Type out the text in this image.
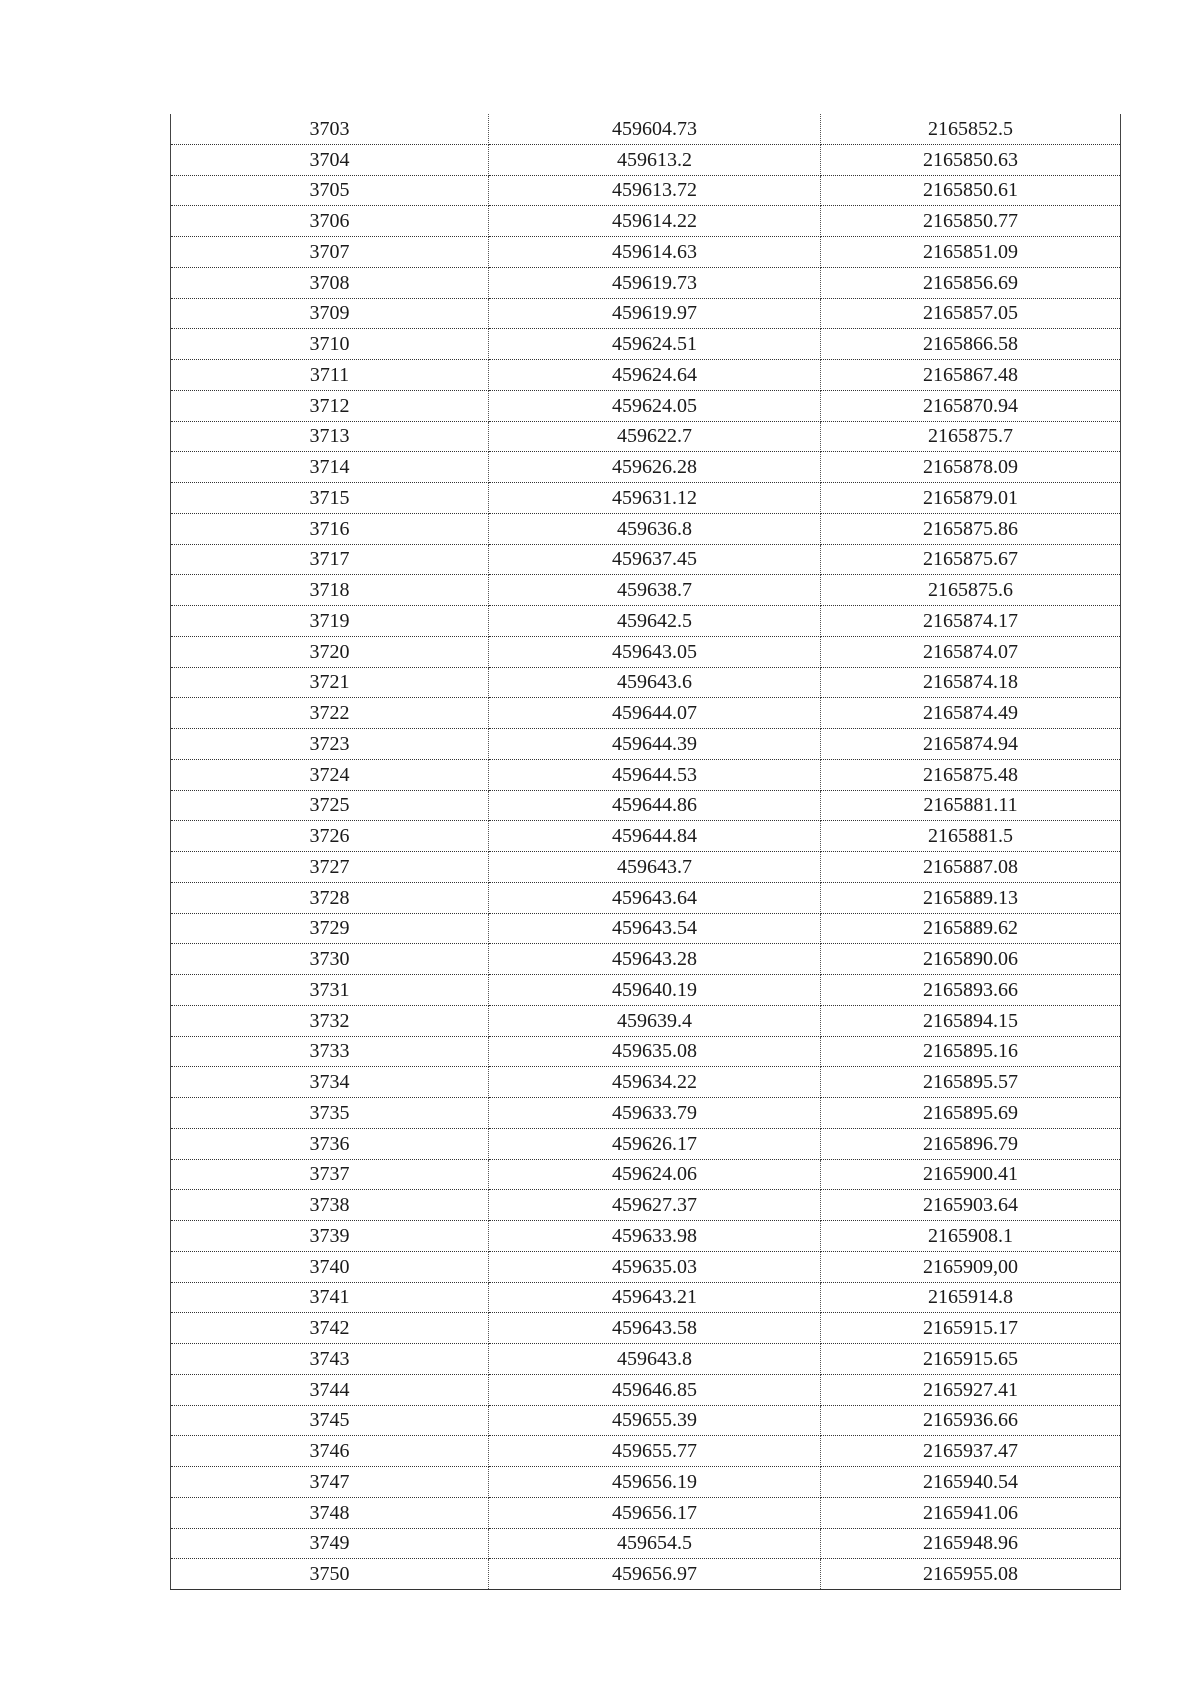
3703	459604.73	2165852.5
3704	459613.2	2165850.63
3705	459613.72	2165850.61
3706	459614.22	2165850.77
3707	459614.63	2165851.09
3708	459619.73	2165856.69
3709	459619.97	2165857.05
3710	459624.51	2165866.58
3711	459624.64	2165867.48
3712	459624.05	2165870.94
3713	459622.7	2165875.7
3714	459626.28	2165878.09
3715	459631.12	2165879.01
3716	459636.8	2165875.86
3717	459637.45	2165875.67
3718	459638.7	2165875.6
3719	459642.5	2165874.17
3720	459643.05	2165874.07
3721	459643.6	2165874.18
3722	459644.07	2165874.49
3723	459644.39	2165874.94
3724	459644.53	2165875.48
3725	459644.86	2165881.11
3726	459644.84	2165881.5
3727	459643.7	2165887.08
3728	459643.64	2165889.13
3729	459643.54	2165889.62
3730	459643.28	2165890.06
3731	459640.19	2165893.66
3732	459639.4	2165894.15
3733	459635.08	2165895.16
3734	459634.22	2165895.57
3735	459633.79	2165895.69
3736	459626.17	2165896.79
3737	459624.06	2165900.41
3738	459627.37	2165903.64
3739	459633.98	2165908.1
3740	459635.03	2165909,00
3741	459643.21	2165914.8
3742	459643.58	2165915.17
3743	459643.8	2165915.65
3744	459646.85	2165927.41
3745	459655.39	2165936.66
3746	459655.77	2165937.47
3747	459656.19	2165940.54
3748	459656.17	2165941.06
3749	459654.5	2165948.96
3750	459656.97	2165955.08
